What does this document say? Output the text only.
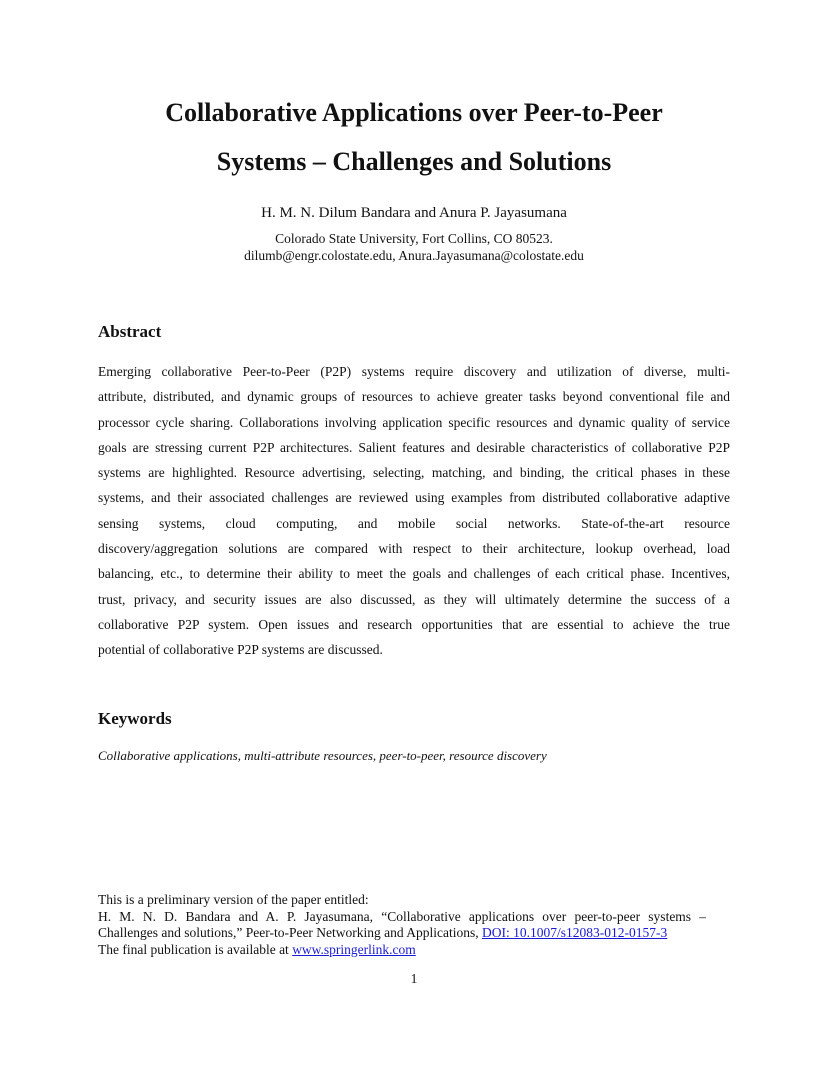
Collaborative Applications over Peer-to-Peer
Systems – Challenges and Solutions
H. M. N. Dilum Bandara and Anura P. Jayasumana
Colorado State University, Fort Collins, CO 80523.
dilumb@engr.colostate.edu, Anura.Jayasumana@colostate.edu
Abstract
Emerging collaborative Peer-to-Peer (P2P) systems require discovery and utilization of diverse, multi-
attribute, distributed, and dynamic groups of resources to achieve greater tasks beyond conventional file and
processor cycle sharing. Collaborations involving application specific resources and dynamic quality of service
goals are stressing current P2P architectures. Salient features and desirable characteristics of collaborative P2P
systems are highlighted. Resource advertising, selecting, matching, and binding, the critical phases in these
systems, and their associated challenges are reviewed using examples from distributed collaborative adaptive
sensing systems, cloud computing, and mobile social networks. State-of-the-art resource
discovery/aggregation solutions are compared with respect to their architecture, lookup overhead, load
balancing, etc., to determine their ability to meet the goals and challenges of each critical phase. Incentives,
trust, privacy, and security issues are also discussed, as they will ultimately determine the success of a
collaborative P2P system. Open issues and research opportunities that are essential to achieve the true
potential of collaborative P2P systems are discussed.
Keywords

Collaborative applications, multi-attribute resources, peer-to-peer, resource discovery

This is a preliminary version of the paper entitled:
H. M. N. D. Bandara and A. P. Jayasumana, “Collaborative applications over peer-to-peer systems –
Challenges and solutions,” Peer-to-Peer Networking and Applications, DOI: 10.1007/s12083-012-0157-3
The final publication is available at www.springerlink.com
1
